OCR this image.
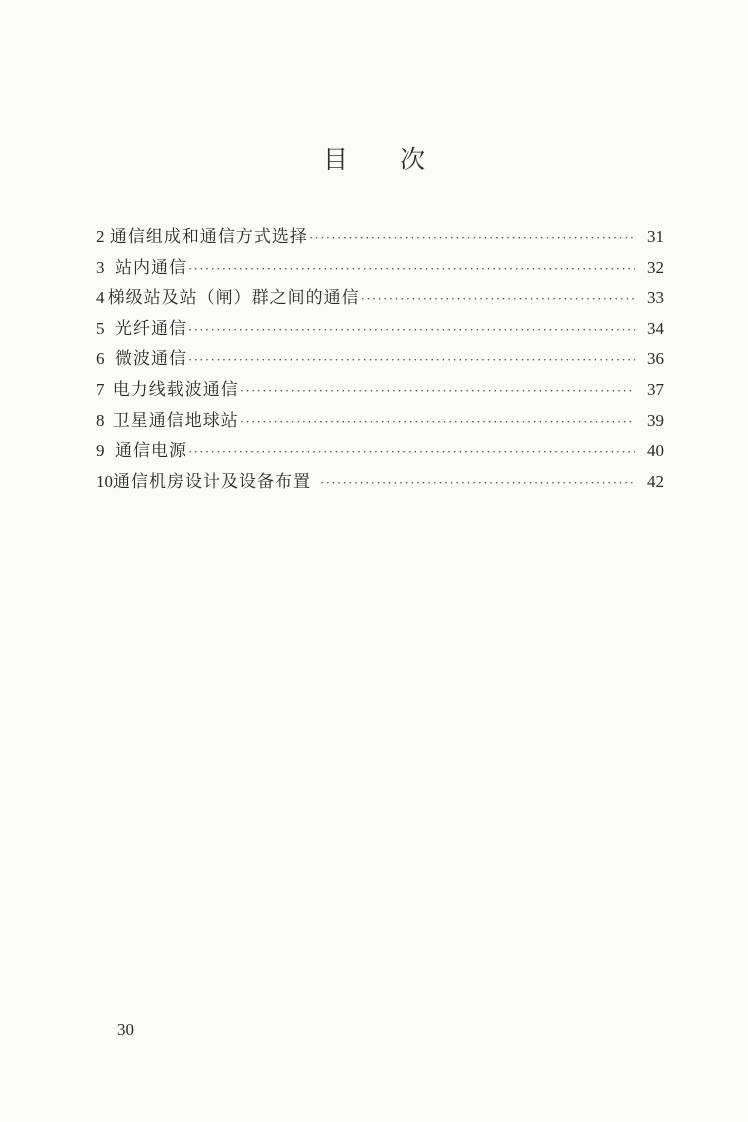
目次
2 通信组成和通信方式选择 ·····	31
3 站内通信 ·····	32
4 梯级站及站（闸）群之间的通信 ·····	33
5 光纤通信 ·····	34
6 微波通信 ·····	36
7 电力线载波通信 ·····	37
8 卫星通信地球站 ·····	39
9 通信电源 ·····	40
10 通信机房设计及设备布置 ·····	42
30
